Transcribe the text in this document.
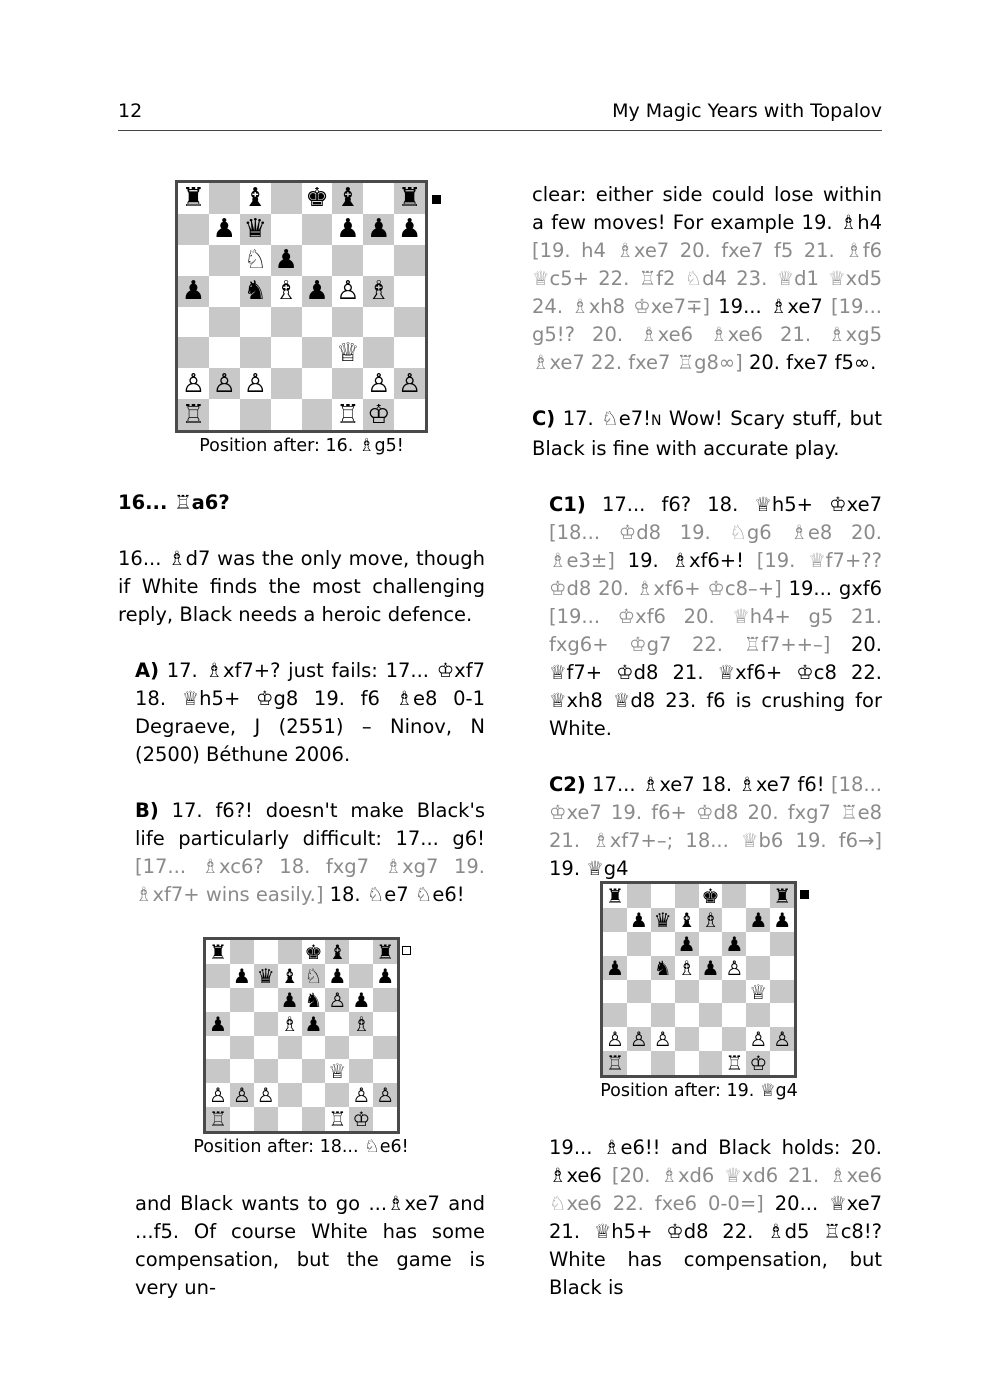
12	My Magic Years with Topalov
♜ ♝ ♚ ♝ ♜
♟ ♛	♟ ♟ ♟
♘ ♟
♟ ♞ ♗ ♟ ♙ ♗
♕
♙ ♙ ♙	♙ ♙
♖	♖ ♔
Position after: 16. ♗g5!
♜	♚ ♝ ♜
♟ ♛ ♝ ♘ ♟ ♟
♟ ♞ ♙ ♟
♟	♗ ♟ ♗
♕
♙ ♙ ♙	♙ ♙
♖	♖ ♔
Position after: 18... ♘e6!
♜	♚	♜
♟ ♛ ♝ ♗ ♟ ♟
♟ ♟
♟ ♞ ♗ ♟ ♙
♕
♙ ♙ ♙	♙ ♙
♖	♖ ♔
Position after: 19. ♕g4

16... ♖a6?

16... ♗d7 was the only move, though if White finds the most challenging reply, Black needs a heroic defence.

A) 17. ♗xf7+? just fails: 17... ♔xf7 18. ♕h5+ ♔g8 19. f6 ♗e8 0-1 Degraeve, J (2551) – Ninov, N (2500) Béthune 2006.

B) 17. f6?! doesn't make Black's life particularly difficult: 17... g6! [17... ♗xc6? 18. fxg7 ♗xg7 19. ♗xf7+ wins easily.] 18. ♘e7 ♘e6!

and Black wants to go ...♗xe7 and ...f5. Of course White has some compensation, but the game is very un-

clear: either side could lose within a few moves! For example 19. ♗h4 [19. h4 ♗xe7 20. fxe7 f5 21. ♗f6 ♕c5+ 22. ♖f2 ♘d4 23. ♕d1 ♕xd5 24. ♗xh8 ♔xe7∓] 19... ♗xe7 [19... g5!? 20. ♗xe6 ♗xe6 21. ♗xg5 ♗xe7 22. fxe7 ♖g8∞] 20. fxe7 f5∞.

C) 17. ♘e7!N Wow! Scary stuff, but Black is fine with accurate play.

C1) 17... f6? 18. ♕h5+ ♔xe7 [18... ♔d8 19. ♘g6 ♗e8 20. ♗e3±] 19. ♗xf6+! [19. ♕f7+?? ♔d8 20. ♗xf6+ ♔c8–+] 19... gxf6 [19... ♔xf6 20. ♕h4+ g5 21. fxg6+ ♔g7 22. ♖f7++–] 20. ♕f7+ ♔d8 21. ♕xf6+ ♔c8 22. ♕xh8 ♕d8 23. f6 is crushing for White.

C2) 17... ♗xe7 18. ♗xe7 f6! [18... ♔xe7 19. f6+ ♔d8 20. fxg7 ♖e8 21. ♗xf7+–; 18... ♕b6 19. f6→] 19. ♕g4

19... ♗e6!! and Black holds: 20. ♗xe6 [20. ♗xd6 ♕xd6 21. ♗xe6 ♘xe6 22. fxe6 0-0=] 20... ♕xe7 21. ♕h5+ ♔d8 22. ♗d5 ♖c8!? White has compensation, but Black is
